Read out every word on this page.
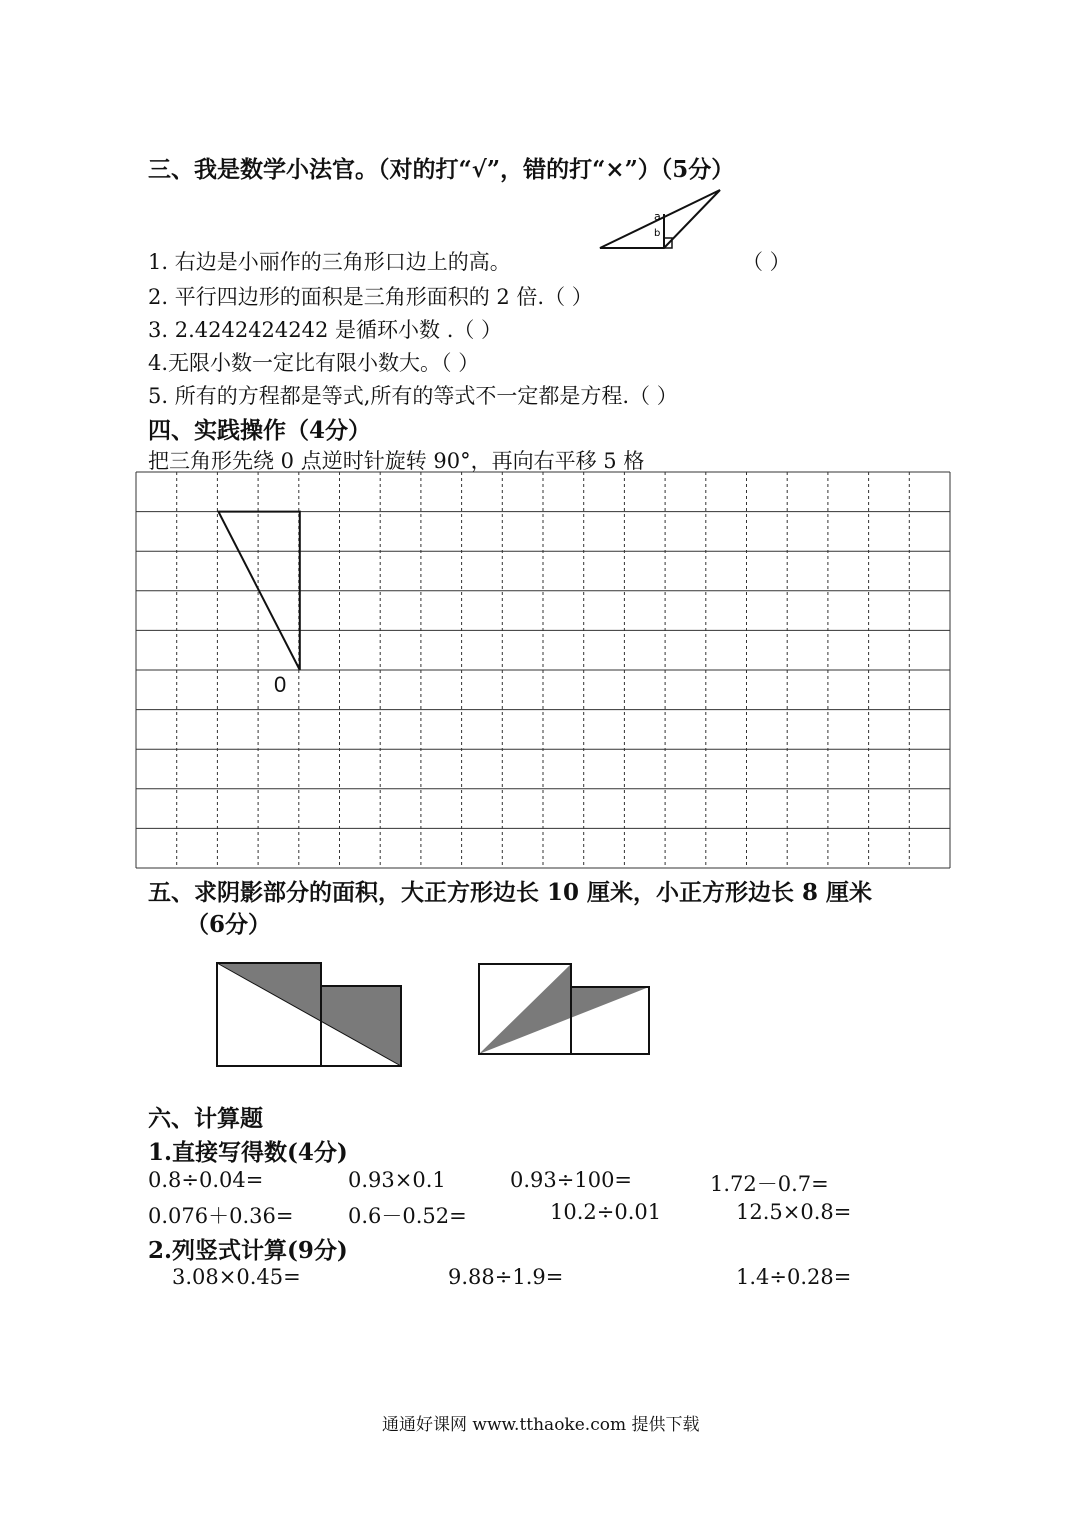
三、我是数学小法官。（对的打“√”，错的打“×”）（5分）
a
b
1. 右边是小丽作的三角形口边上的高。	（ ）
2. 平行四边形的面积是三角形面积的 2 倍.（ ）
3. 2.4242424242 是循环小数 .（ ）
4.无限小数一定比有限小数大。（ ）
5. 所有的方程都是等式,所有的等式不一定都是方程.（ ）
四、实践操作（4分）
把三角形先绕 0 点逆时针旋转 90°，再向右平移 5 格
0
五、求阴影部分的面积，大正方形边长 10 厘米，小正方形边长 8 厘米
（6分）
六、计算题
1.直接写得数(4分)
0.8÷0.04=	0.93×0.1	0.93÷100=	1.72－0.7=
0.076＋0.36=	0.6－0.52=	10.2÷0.01	12.5×0.8=
2.列竖式计算(9分)
3.08×0.45=	9.88÷1.9=	1.4÷0.28=
通通好课网 www.tthaoke.com 提供下载
